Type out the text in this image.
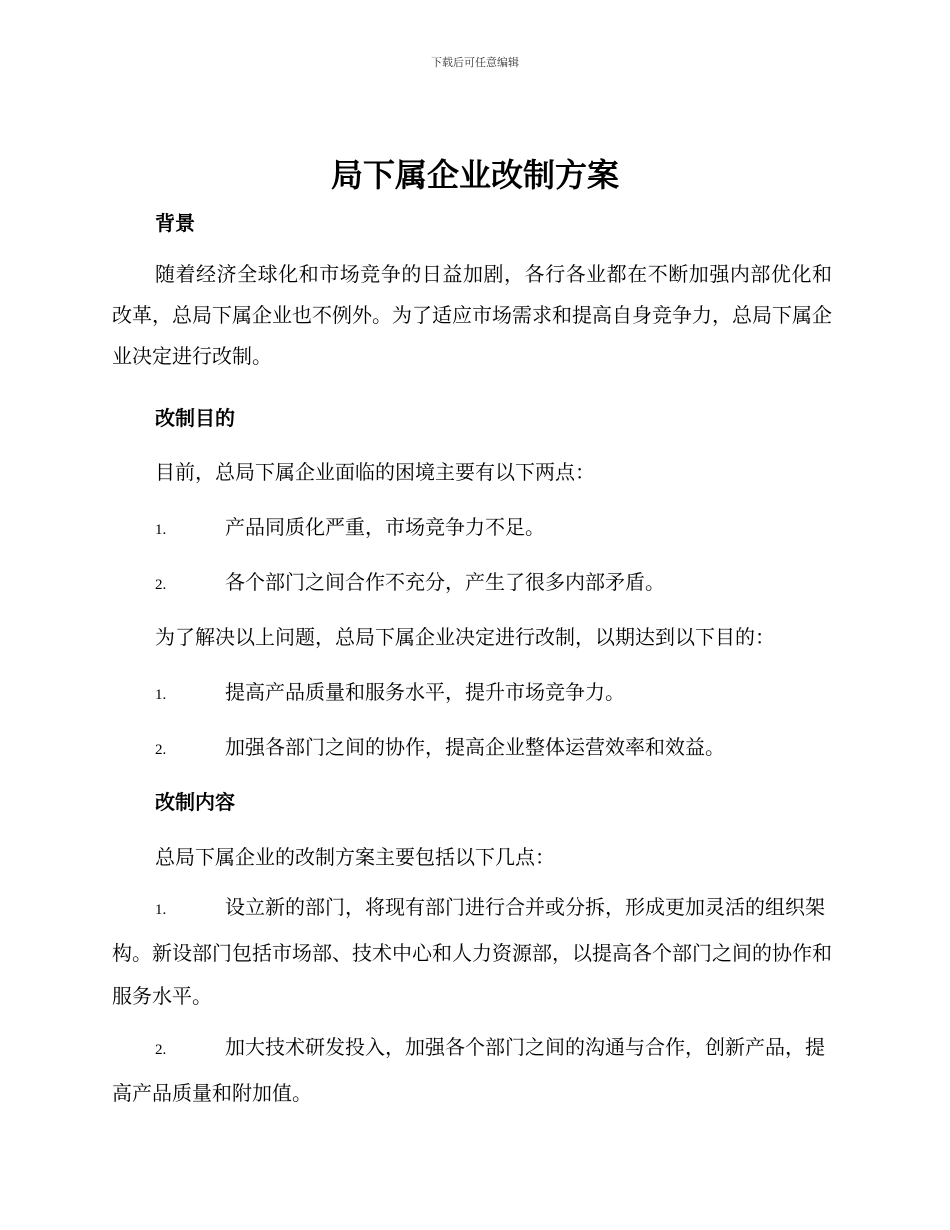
下载后可任意编辑
局下属企业改制方案
背景
随着经济全球化和市场竞争的日益加剧，各行各业都在不断加强内部优化和改革，总局下属企业也不例外。为了适应市场需求和提高自身竞争力，总局下属企业决定进行改制。
改制目的
目前，总局下属企业面临的困境主要有以下两点：
1.	产品同质化严重，市场竞争力不足。
2.	各个部门之间合作不充分，产生了很多内部矛盾。
为了解决以上问题，总局下属企业决定进行改制，以期达到以下目的：
1.	提高产品质量和服务水平，提升市场竞争力。
2.	加强各部门之间的协作，提高企业整体运营效率和效益。
改制内容
总局下属企业的改制方案主要包括以下几点：
1.	设立新的部门，将现有部门进行合并或分拆，形成更加灵活的组织架构。新设部门包括市场部、技术中心和人力资源部，以提高各个部门之间的协作和服务水平。
2.	加大技术研发投入，加强各个部门之间的沟通与合作，创新产品，提高产品质量和附加值。
